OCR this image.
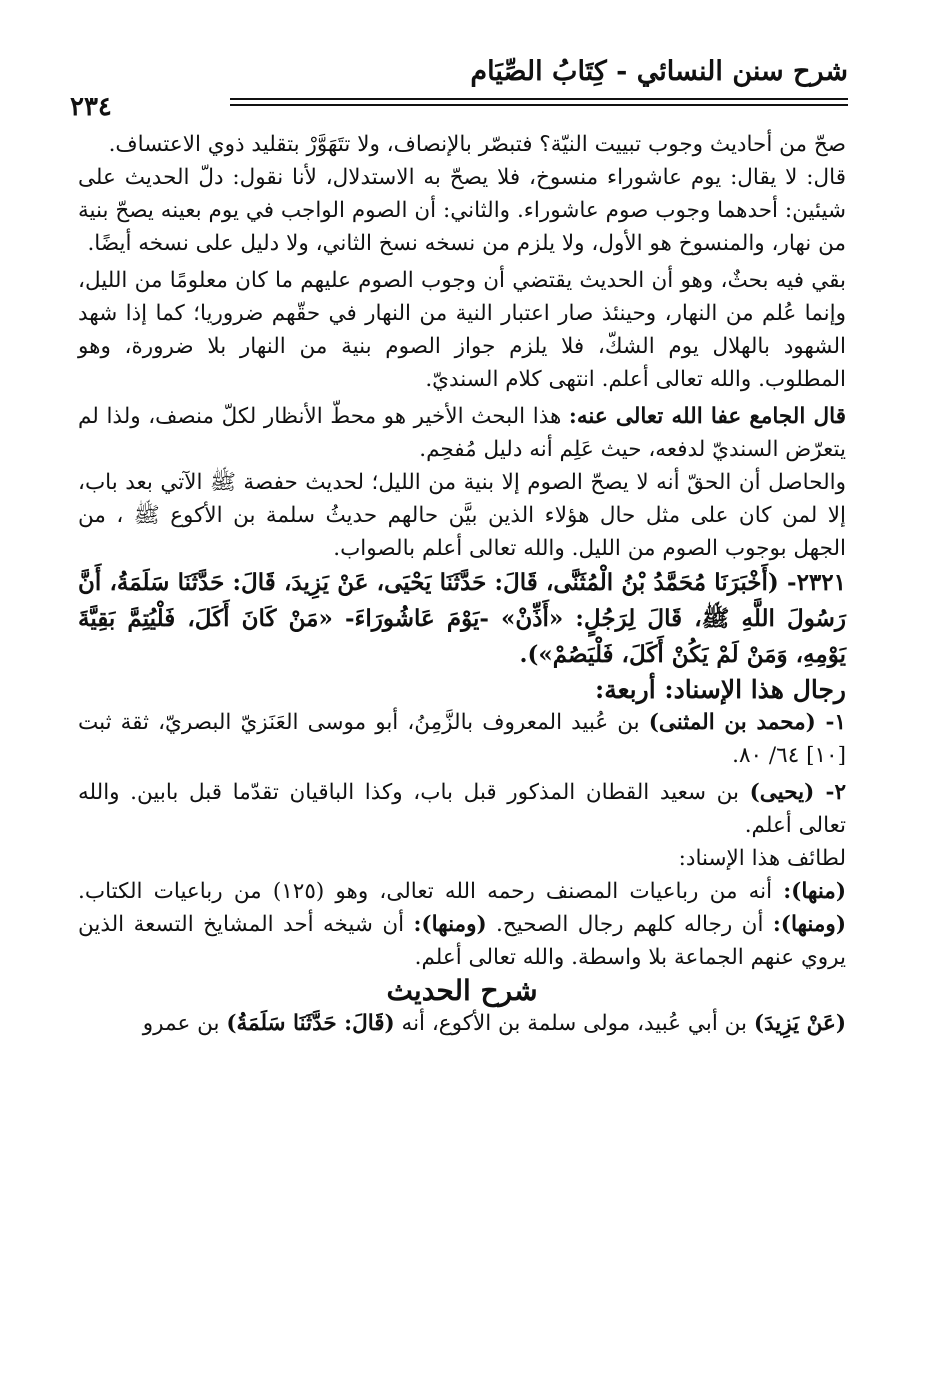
شرح سنن النسائي - كِتَابُ الصِّيَام
٢٣٤

صحّ من أحاديث وجوب تبييت النيّة؟ فتبصّر بالإنصاف، ولا تتَهَوَّرْ بتقليد ذوي الاعتساف.

قال: لا يقال: يوم عاشوراء منسوخ، فلا يصحّ به الاستدلال، لأنا نقول: دلّ الحديث على شيئين: أحدهما وجوب صوم عاشوراء. والثاني: أن الصوم الواجب في يوم بعينه يصحّ بنية من نهار، والمنسوخ هو الأول، ولا يلزم من نسخه نسخ الثاني، ولا دليل على نسخه أيضًا.

بقي فيه بحثٌ، وهو أن الحديث يقتضي أن وجوب الصوم عليهم ما كان معلومًا من الليل، وإنما عُلم من النهار، وحينئذ صار اعتبار النية من النهار في حقّهم ضروريا؛ كما إذا شهد الشهود بالهلال يوم الشكّ، فلا يلزم جواز الصوم بنية من النهار بلا ضرورة، وهو المطلوب. والله تعالى أعلم. انتهى كلام السنديّ.

قال الجامع عفا الله تعالى عنه: هذا البحث الأخير هو محطّ الأنظار لكلّ منصف، ولذا لم يتعرّض السنديّ لدفعه، حيث عَلِم أنه دليل مُفحِم.

والحاصل أن الحقّ أنه لا يصحّ الصوم إلا بنية من الليل؛ لحديث حفصة ﷺ الآتي بعد باب، إلا لمن كان على مثل حال هؤلاء الذين بيَّن حالهم حديثُ سلمة بن الأكوع ﷺ ، من الجهل بوجوب الصوم من الليل. والله تعالى أعلم بالصواب.

٢٣٢١- (أَخْبَرَنَا مُحَمَّدُ بْنُ الْمُثَنَّى، قَالَ: حَدَّثَنَا يَحْيَى، عَنْ يَزِيدَ، قَالَ: حَدَّثَنَا سَلَمَةُ، أَنَّ رَسُولَ اللَّهِ ﷺ، قَالَ لِرَجُلٍ: «أَذِّنْ» -يَوْمَ عَاشُورَاءَ- «مَنْ كَانَ أَكَلَ، فَلْيُتِمَّ بَقِيَّةَ يَوْمِهِ، وَمَنْ لَمْ يَكُنْ أَكَلَ، فَلْيَصُمْ»).

رجال هذا الإسناد: أربعة:

١- (محمد بن المثنى) بن عُبيد المعروف بالزَّمِنُ، أبو موسى العَنَزيّ البصريّ، ثقة ثبت [١٠] ٦٤/ ٨٠.

٢- (يحيى) بن سعيد القطان المذكور قبل باب، وكذا الباقيان تقدّما قبل بابين. والله تعالى أعلم.

لطائف هذا الإسناد:

(منها): أنه من رباعيات المصنف رحمه الله تعالى، وهو (١٢٥) من رباعيات الكتاب. (ومنها): أن رجاله كلهم رجال الصحيح. (ومنها): أن شيخه أحد المشايخ التسعة الذين يروي عنهم الجماعة بلا واسطة. والله تعالى أعلم.

شرح الحديث

(عَنْ يَزِيدَ) بن أبي عُبيد، مولى سلمة بن الأكوع، أنه (قَالَ: حَدَّثَنَا سَلَمَةُ) بن عمرو
